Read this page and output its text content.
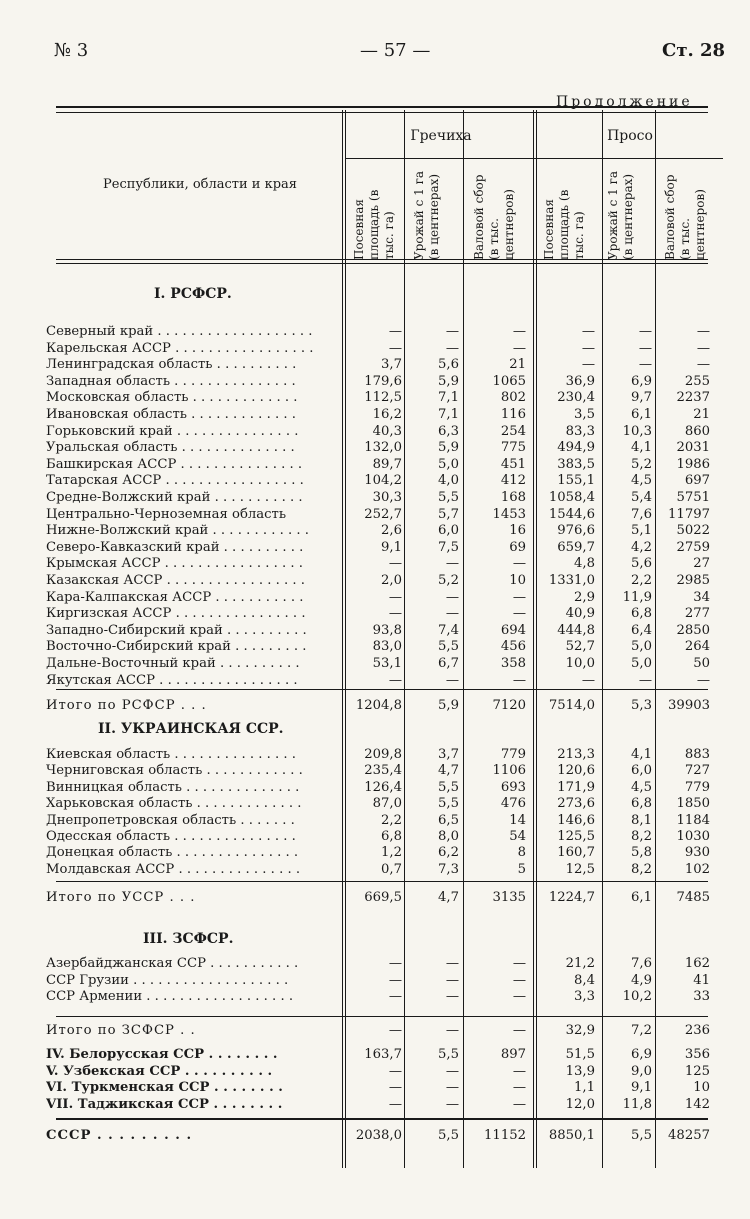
№ 3	— 57 —	Ст. 28
Продолжение
Гречиха	Просо
Республики, области и края
Посевная площадь (в тыс. га)	Урожай с 1 га (в центнерах)	Валовой сбор (в тыс. центнеров)	Посевная площадь (в тыс. га)	Урожай с 1 га (в центнерах)	Валовой сбор (в тыс. центнеров)
I. РСФСР.
II. УКРАИНСКАЯ ССР.
III. ЗСФСР.
Северный край . . . . . . . . . . . . . . . . . . .	—	—	—	—	—	—
Карельская АССР . . . . . . . . . . . . . . . . .	—	—	—	—	—	—
Ленинградская область . . . . . . . . . .	3,7	5,6	21	—	—	—
Западная область . . . . . . . . . . . . . . .	179,6	5,9	1065	36,9	6,9	255
Московская область . . . . . . . . . . . . .	112,5	7,1	802	230,4	9,7	2237
Ивановская область . . . . . . . . . . . . .	16,2	7,1	116	3,5	6,1	21
Горьковский край . . . . . . . . . . . . . . .	40,3	6,3	254	83,3	10,3	860
Уральская область . . . . . . . . . . . . . .	132,0	5,9	775	494,9	4,1	2031
Башкирская АССР . . . . . . . . . . . . . . .	89,7	5,0	451	383,5	5,2	1986
Татарская АССР . . . . . . . . . . . . . . . . .	104,2	4,0	412	155,1	4,5	697
Средне-Волжский край . . . . . . . . . . .	30,3	5,5	168	1058,4	5,4	5751
Центрально-Черноземная область	252,7	5,7	1453	1544,6	7,6	11797
Нижне-Волжский край . . . . . . . . . . . .	2,6	6,0	16	976,6	5,1	5022
Северо-Кавказский край . . . . . . . . . .	9,1	7,5	69	659,7	4,2	2759
Крымская АССР . . . . . . . . . . . . . . . . .	—	—	—	4,8	5,6	27
Казакская АССР . . . . . . . . . . . . . . . . .	2,0	5,2	10	1331,0	2,2	2985
Кара-Калпакская АССР . . . . . . . . . . .	—	—	—	2,9	11,9	34
Киргизская АССР . . . . . . . . . . . . . . . .	—	—	—	40,9	6,8	277
Западно-Сибирский край . . . . . . . . . .	93,8	7,4	694	444,8	6,4	2850
Восточно-Сибирский край . . . . . . . . .	83,0	5,5	456	52,7	5,0	264
Дальне-Восточный край . . . . . . . . . .	53,1	6,7	358	10,0	5,0	50
Якутская АССР . . . . . . . . . . . . . . . . .	—	—	—	—	—	—
Итого по РСФСР . . .	1204,8	5,9	7120	7514,0	5,3	39903
Киевская область . . . . . . . . . . . . . . .	209,8	3,7	779	213,3	4,1	883
Черниговская область . . . . . . . . . . . .	235,4	4,7	1106	120,6	6,0	727
Винницкая область . . . . . . . . . . . . . .	126,4	5,5	693	171,9	4,5	779
Харьковская область . . . . . . . . . . . . .	87,0	5,5	476	273,6	6,8	1850
Днепропетровская область . . . . . . .	2,2	6,5	14	146,6	8,1	1184
Одесская область . . . . . . . . . . . . . . .	6,8	8,0	54	125,5	8,2	1030
Донецкая область . . . . . . . . . . . . . . .	1,2	6,2	8	160,7	5,8	930
Молдавская АССР . . . . . . . . . . . . . . .	0,7	7,3	5	12,5	8,2	102
Итого по УССР . . .	669,5	4,7	3135	1224,7	6,1	7485
Азербайджанская ССР . . . . . . . . . . .	—	—	—	21,2	7,6	162
ССР Грузии . . . . . . . . . . . . . . . . . . .	—	—	—	8,4	4,9	41
ССР Армении . . . . . . . . . . . . . . . . . .	—	—	—	3,3	10,2	33
Итого по ЗСФСР . .	—	—	—	32,9	7,2	236
IV. Белорусская ССР . . . . . . . .	163,7	5,5	897	51,5	6,9	356
V. Узбекская ССР . . . . . . . . . .	—	—	—	13,9	9,0	125
VI. Туркменская ССР . . . . . . . .	—	—	—	1,1	9,1	10
VII. Таджикская ССР . . . . . . . .	—	—	—	12,0	11,8	142
СССР . . . . . . . . .	2038,0	5,5	11152	8850,1	5,5	48257
